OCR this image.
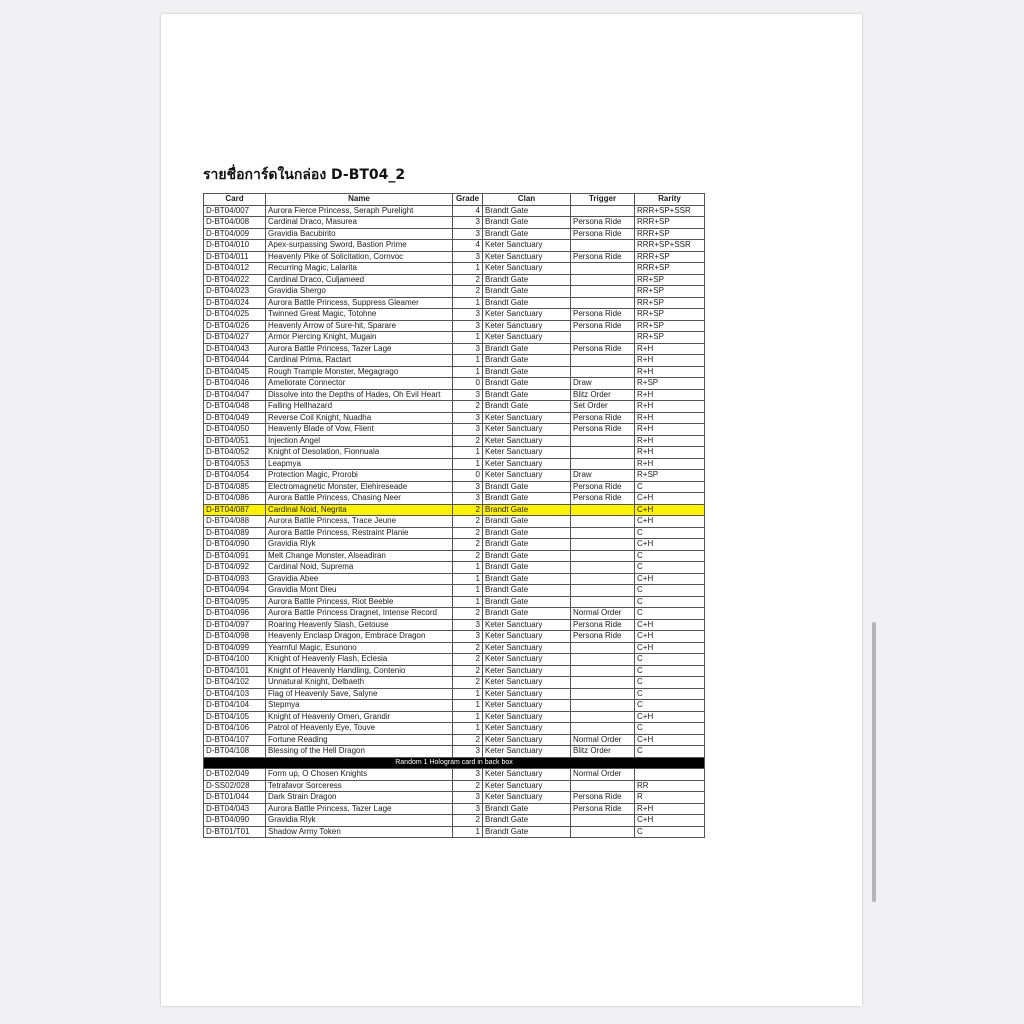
รายชื่อการ์ดในกล่อง D-BT04_2
Card	Name	Grade	Clan	Trigger	Rarity
D-BT04/007	Aurora Fierce Princess, Seraph Purelight	4	Brandt Gate		RRR+SP+SSR
D-BT04/008	Cardinal Draco, Masurea	3	Brandt Gate	Persona Ride	RRR+SP
D-BT04/009	Gravidia Bacubirito	3	Brandt Gate	Persona Ride	RRR+SP
D-BT04/010	Apex-surpassing Sword, Bastion Prime	4	Keter Sanctuary		RRR+SP+SSR
D-BT04/011	Heavenly Pike of Solicitation, Cornvoc	3	Keter Sanctuary	Persona Ride	RRR+SP
D-BT04/012	Recurring Magic, Lalarita	1	Keter Sanctuary		RRR+SP
D-BT04/022	Cardinal Draco, Culjameed	2	Brandt Gate		RR+SP
D-BT04/023	Gravidia Shergo	2	Brandt Gate		RR+SP
D-BT04/024	Aurora Battle Princess, Suppress Gleamer	1	Brandt Gate		RR+SP
D-BT04/025	Twinned Great Magic, Totohne	3	Keter Sanctuary	Persona Ride	RR+SP
D-BT04/026	Heavenly Arrow of Sure-hit, Sparare	3	Keter Sanctuary	Persona Ride	RR+SP
D-BT04/027	Armor Piercing Knight, Mugain	1	Keter Sanctuary		RR+SP
D-BT04/043	Aurora Battle Princess, Tazer Lage	3	Brandt Gate	Persona Ride	R+H
D-BT04/044	Cardinal Prima, Ractart	1	Brandt Gate		R+H
D-BT04/045	Rough Trample Monster, Megagrago	1	Brandt Gate		R+H
D-BT04/046	Ameliorate Connector	0	Brandt Gate	Draw	R+SP
D-BT04/047	Dissolve into the Depths of Hades, Oh Evil Heart	3	Brandt Gate	Blitz Order	R+H
D-BT04/048	Falling Hellhazard	2	Brandt Gate	Set Order	R+H
D-BT04/049	Reverse Coil Knight, Nuadha	3	Keter Sanctuary	Persona Ride	R+H
D-BT04/050	Heavenly Blade of Vow, Flient	3	Keter Sanctuary	Persona Ride	R+H
D-BT04/051	Injection Angel	2	Keter Sanctuary		R+H
D-BT04/052	Knight of Desolation, Fionnuala	1	Keter Sanctuary		R+H
D-BT04/053	Leapmya	1	Keter Sanctuary		R+H
D-BT04/054	Protection Magic, Prorobi	0	Keter Sanctuary	Draw	R+SP
D-BT04/085	Electromagnetic Monster, Elehireseade	3	Brandt Gate	Persona Ride	C
D-BT04/086	Aurora Battle Princess, Chasing Neer	3	Brandt Gate	Persona Ride	C+H
D-BT04/087	Cardinal Noid, Negrita	2	Brandt Gate		C+H
D-BT04/088	Aurora Battle Princess, Trace Jeune	2	Brandt Gate		C+H
D-BT04/089	Aurora Battle Princess, Restraint Planie	2	Brandt Gate		C
D-BT04/090	Gravidia Rlyk	2	Brandt Gate		C+H
D-BT04/091	Melt Change Monster, Alseadiran	2	Brandt Gate		C
D-BT04/092	Cardinal Noid, Suprema	1	Brandt Gate		C
D-BT04/093	Gravidia Abee	1	Brandt Gate		C+H
D-BT04/094	Gravidia Mont Dieu	1	Brandt Gate		C
D-BT04/095	Aurora Battle Princess, Riot Beeble	1	Brandt Gate		C
D-BT04/096	Aurora Battle Princess Dragnet, Intense Record	2	Brandt Gate	Normal Order	C
D-BT04/097	Roaring Heavenly Slash, Getouse	3	Keter Sanctuary	Persona Ride	C+H
D-BT04/098	Heavenly Enclasp Dragon, Embrace Dragon	3	Keter Sanctuary	Persona Ride	C+H
D-BT04/099	Yearnful Magic, Esunono	2	Keter Sanctuary		C+H
D-BT04/100	Knight of Heavenly Flash, Eclesia	2	Keter Sanctuary		C
D-BT04/101	Knight of Heavenly Handling, Contenio	2	Keter Sanctuary		C
D-BT04/102	Unnatural Knight, Delbaeth	2	Keter Sanctuary		C
D-BT04/103	Flag of Heavenly Save, Salyne	1	Keter Sanctuary		C
D-BT04/104	Stepmya	1	Keter Sanctuary		C
D-BT04/105	Knight of Heavenly Omen, Grandir	1	Keter Sanctuary		C+H
D-BT04/106	Patrol of Heavenly Eye, Touve	1	Keter Sanctuary		C
D-BT04/107	Fortune Reading	2	Keter Sanctuary	Normal Order	C+H
D-BT04/108	Blessing of the Hell Dragon	3	Keter Sanctuary	Blitz Order	C
Random 1 Hologram card in back box					
D-BT02/049	Form up, O Chosen Knights	3	Keter Sanctuary	Normal Order	
D-SS02/028	Tetrafavor Sorceress	2	Keter Sanctuary		RR
D-BT01/044	Dark Strain Dragon	3	Keter Sanctuary	Persona Ride	R
D-BT04/043	Aurora Battle Princess, Tazer Lage	3	Brandt Gate	Persona Ride	R+H
D-BT04/090	Gravidia Rlyk	2	Brandt Gate		C+H
D-BT01/T01	Shadow Army Token	1	Brandt Gate		C
